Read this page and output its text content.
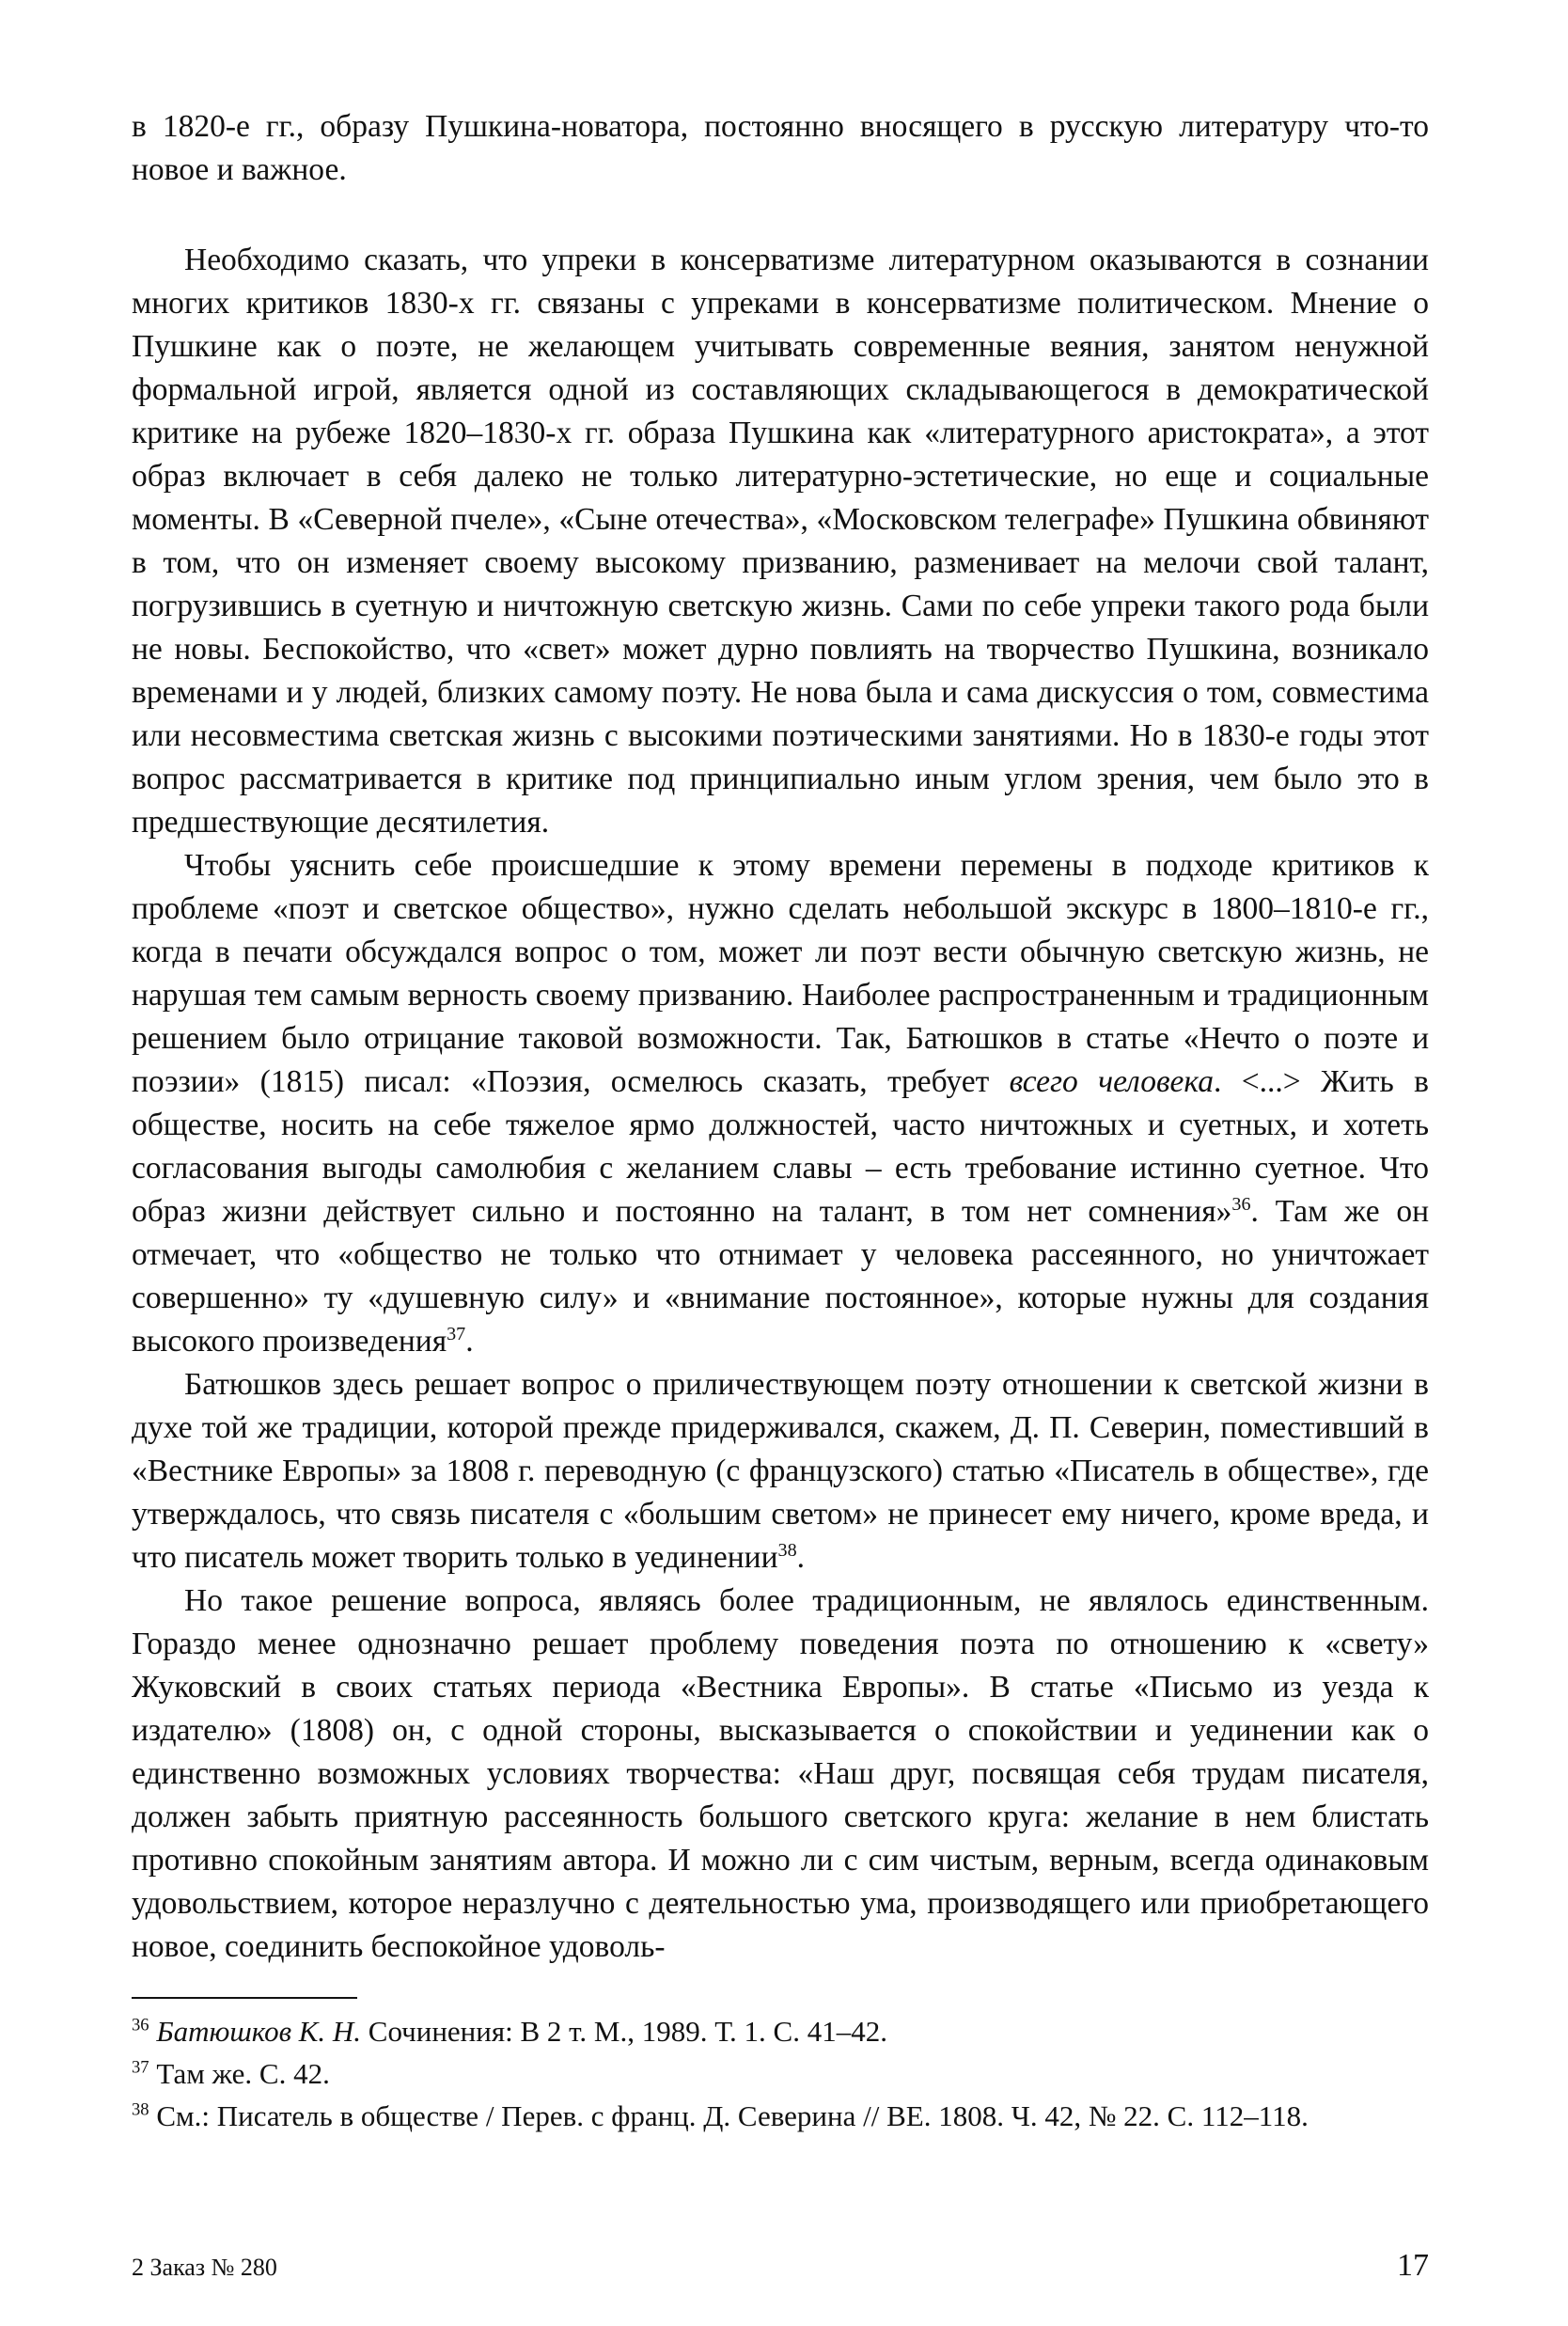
в 1820-е гг., образу Пушкина-новатора, постоянно вносящего в русскую литературу что-то новое и важное.

Необходимо сказать, что упреки в консерватизме литературном оказываются в сознании многих критиков 1830-х гг. связаны с упреками в консерватизме политическом. Мнение о Пушкине как о поэте, не желающем учитывать современные веяния, занятом ненужной формальной игрой, является одной из составляющих складывающегося в демократической критике на рубеже 1820–1830-х гг. образа Пушкина как «литературного аристократа», а этот образ включает в себя далеко не только литературно-эстетические, но еще и социальные моменты. В «Северной пчеле», «Сыне отечества», «Московском телеграфе» Пушкина обвиняют в том, что он изменяет своему высокому призванию, разменивает на мелочи свой талант, погрузившись в суетную и ничтожную светскую жизнь. Сами по себе упреки такого рода были не новы. Беспокойство, что «свет» может дурно повлиять на творчество Пушкина, возникало временами и у людей, близких самому поэту. Не нова была и сама дискуссия о том, совместима или несовместима светская жизнь с высокими поэтическими занятиями. Но в 1830-е годы этот вопрос рассматривается в критике под принципиально иным углом зрения, чем было это в предшествующие десятилетия.

Чтобы уяснить себе происшедшие к этому времени перемены в подходе критиков к проблеме «поэт и светское общество», нужно сделать небольшой экскурс в 1800–1810-е гг., когда в печати обсуждался вопрос о том, может ли поэт вести обычную светскую жизнь, не нарушая тем самым верность своему призванию. Наиболее распространенным и традиционным решением было отрицание таковой возможности. Так, Батюшков в статье «Нечто о поэте и поэзии» (1815) писал: «Поэзия, осмелюсь сказать, требует всего человека. <...> Жить в обществе, носить на себе тяжелое ярмо должностей, часто ничтожных и суетных, и хотеть согласования выгоды самолюбия с желанием славы – есть требование истинно суетное. Что образ жизни действует сильно и постоянно на талант, в том нет сомнения»$^{36}$. Там же он отмечает, что «общество не только что отнимает у человека рассеянного, но уничтожает совершенно» ту «душевную силу» и «внимание постоянное», которые нужны для создания высокого произведения$^{37}$.

Батюшков здесь решает вопрос о приличествующем поэту отношении к светской жизни в духе той же традиции, которой прежде придерживался, скажем, Д. П. Северин, поместивший в «Вестнике Европы» за 1808 г. переводную (с французского) статью «Писатель в обществе», где утверждалось, что связь писателя с «большим светом» не принесет ему ничего, кроме вреда, и что писатель может творить только в уединении$^{38}$.

Но такое решение вопроса, являясь более традиционным, не являлось единственным. Гораздо менее однозначно решает проблему поведения поэта по отношению к «свету» Жуковский в своих статьях периода «Вестника Европы». В статье «Письмо из уезда к издателю» (1808) он, с одной стороны, высказывается о спокойствии и уединении как о единственно возможных условиях творчества: «Наш друг, посвящая себя трудам писателя, должен забыть приятную рассеянность большого светского круга: желание в нем блистать противно спокойным занятиям автора. И можно ли с сим чистым, верным, всегда одинаковым удовольствием, которое неразлучно с деятельностью ума, производящего или приобретающего новое, соединить беспокойное удоволь-

$^{36}$ Батюшков К. Н. Сочинения: В 2 т. М., 1989. Т. 1. С. 41–42.

$^{37}$ Там же. С. 42.

$^{38}$ См.: Писатель в обществе / Перев. с франц. Д. Северина // ВЕ. 1808. Ч. 42, № 22. С. 112–118.

2 Заказ № 280	17
